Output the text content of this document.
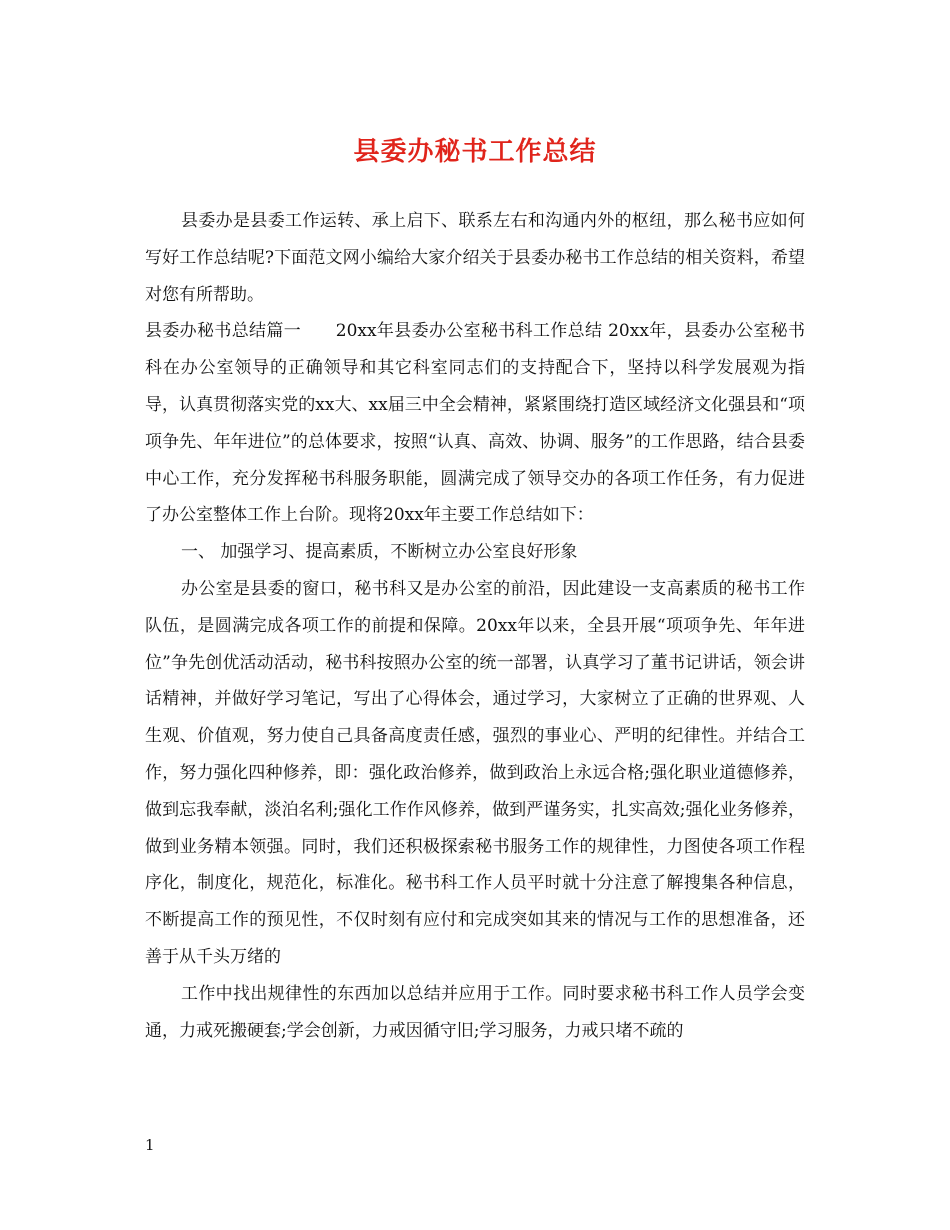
县委办秘书工作总结

县委办是县委工作运转、承上启下、联系左右和沟通内外的枢纽，那么秘书应如何写好工作总结呢?下面范文网小编给大家介绍关于县委办秘书工作总结的相关资料，希望对您有所帮助。

县委办秘书总结篇一　　20xx年县委办公室秘书科工作总结 20xx年，县委办公室秘书科在办公室领导的正确领导和其它科室同志们的支持配合下，坚持以科学发展观为指导，认真贯彻落实党的xx大、xx届三中全会精神，紧紧围绕打造区域经济文化强县和“项项争先、年年进位”的总体要求，按照“认真、高效、协调、服务”的工作思路，结合县委中心工作，充分发挥秘书科服务职能，圆满完成了领导交办的各项工作任务，有力促进了办公室整体工作上台阶。现将20xx年主要工作总结如下：

一、 加强学习、提高素质，不断树立办公室良好形象

办公室是县委的窗口，秘书科又是办公室的前沿，因此建设一支高素质的秘书工作队伍，是圆满完成各项工作的前提和保障。20xx年以来，全县开展“项项争先、年年进位”争先创优活动活动，秘书科按照办公室的统一部署，认真学习了董书记讲话，领会讲话精神，并做好学习笔记，写出了心得体会，通过学习，大家树立了正确的世界观、人生观、价值观，努力使自己具备高度责任感，强烈的事业心、严明的纪律性。并结合工作，努力强化四种修养，即：强化政治修养，做到政治上永远合格;强化职业道德修养，做到忘我奉献，淡泊名利;强化工作作风修养，做到严谨务实，扎实高效;强化业务修养，做到业务精本领强。同时，我们还积极探索秘书服务工作的规律性，力图使各项工作程序化，制度化，规范化，标准化。秘书科工作人员平时就十分注意了解搜集各种信息，不断提高工作的预见性，不仅时刻有应付和完成突如其来的情况与工作的思想准备，还善于从千头万绪的

工作中找出规律性的东西加以总结并应用于工作。同时要求秘书科工作人员学会变通，力戒死搬硬套;学会创新，力戒因循守旧;学习服务，力戒只堵不疏的

1
